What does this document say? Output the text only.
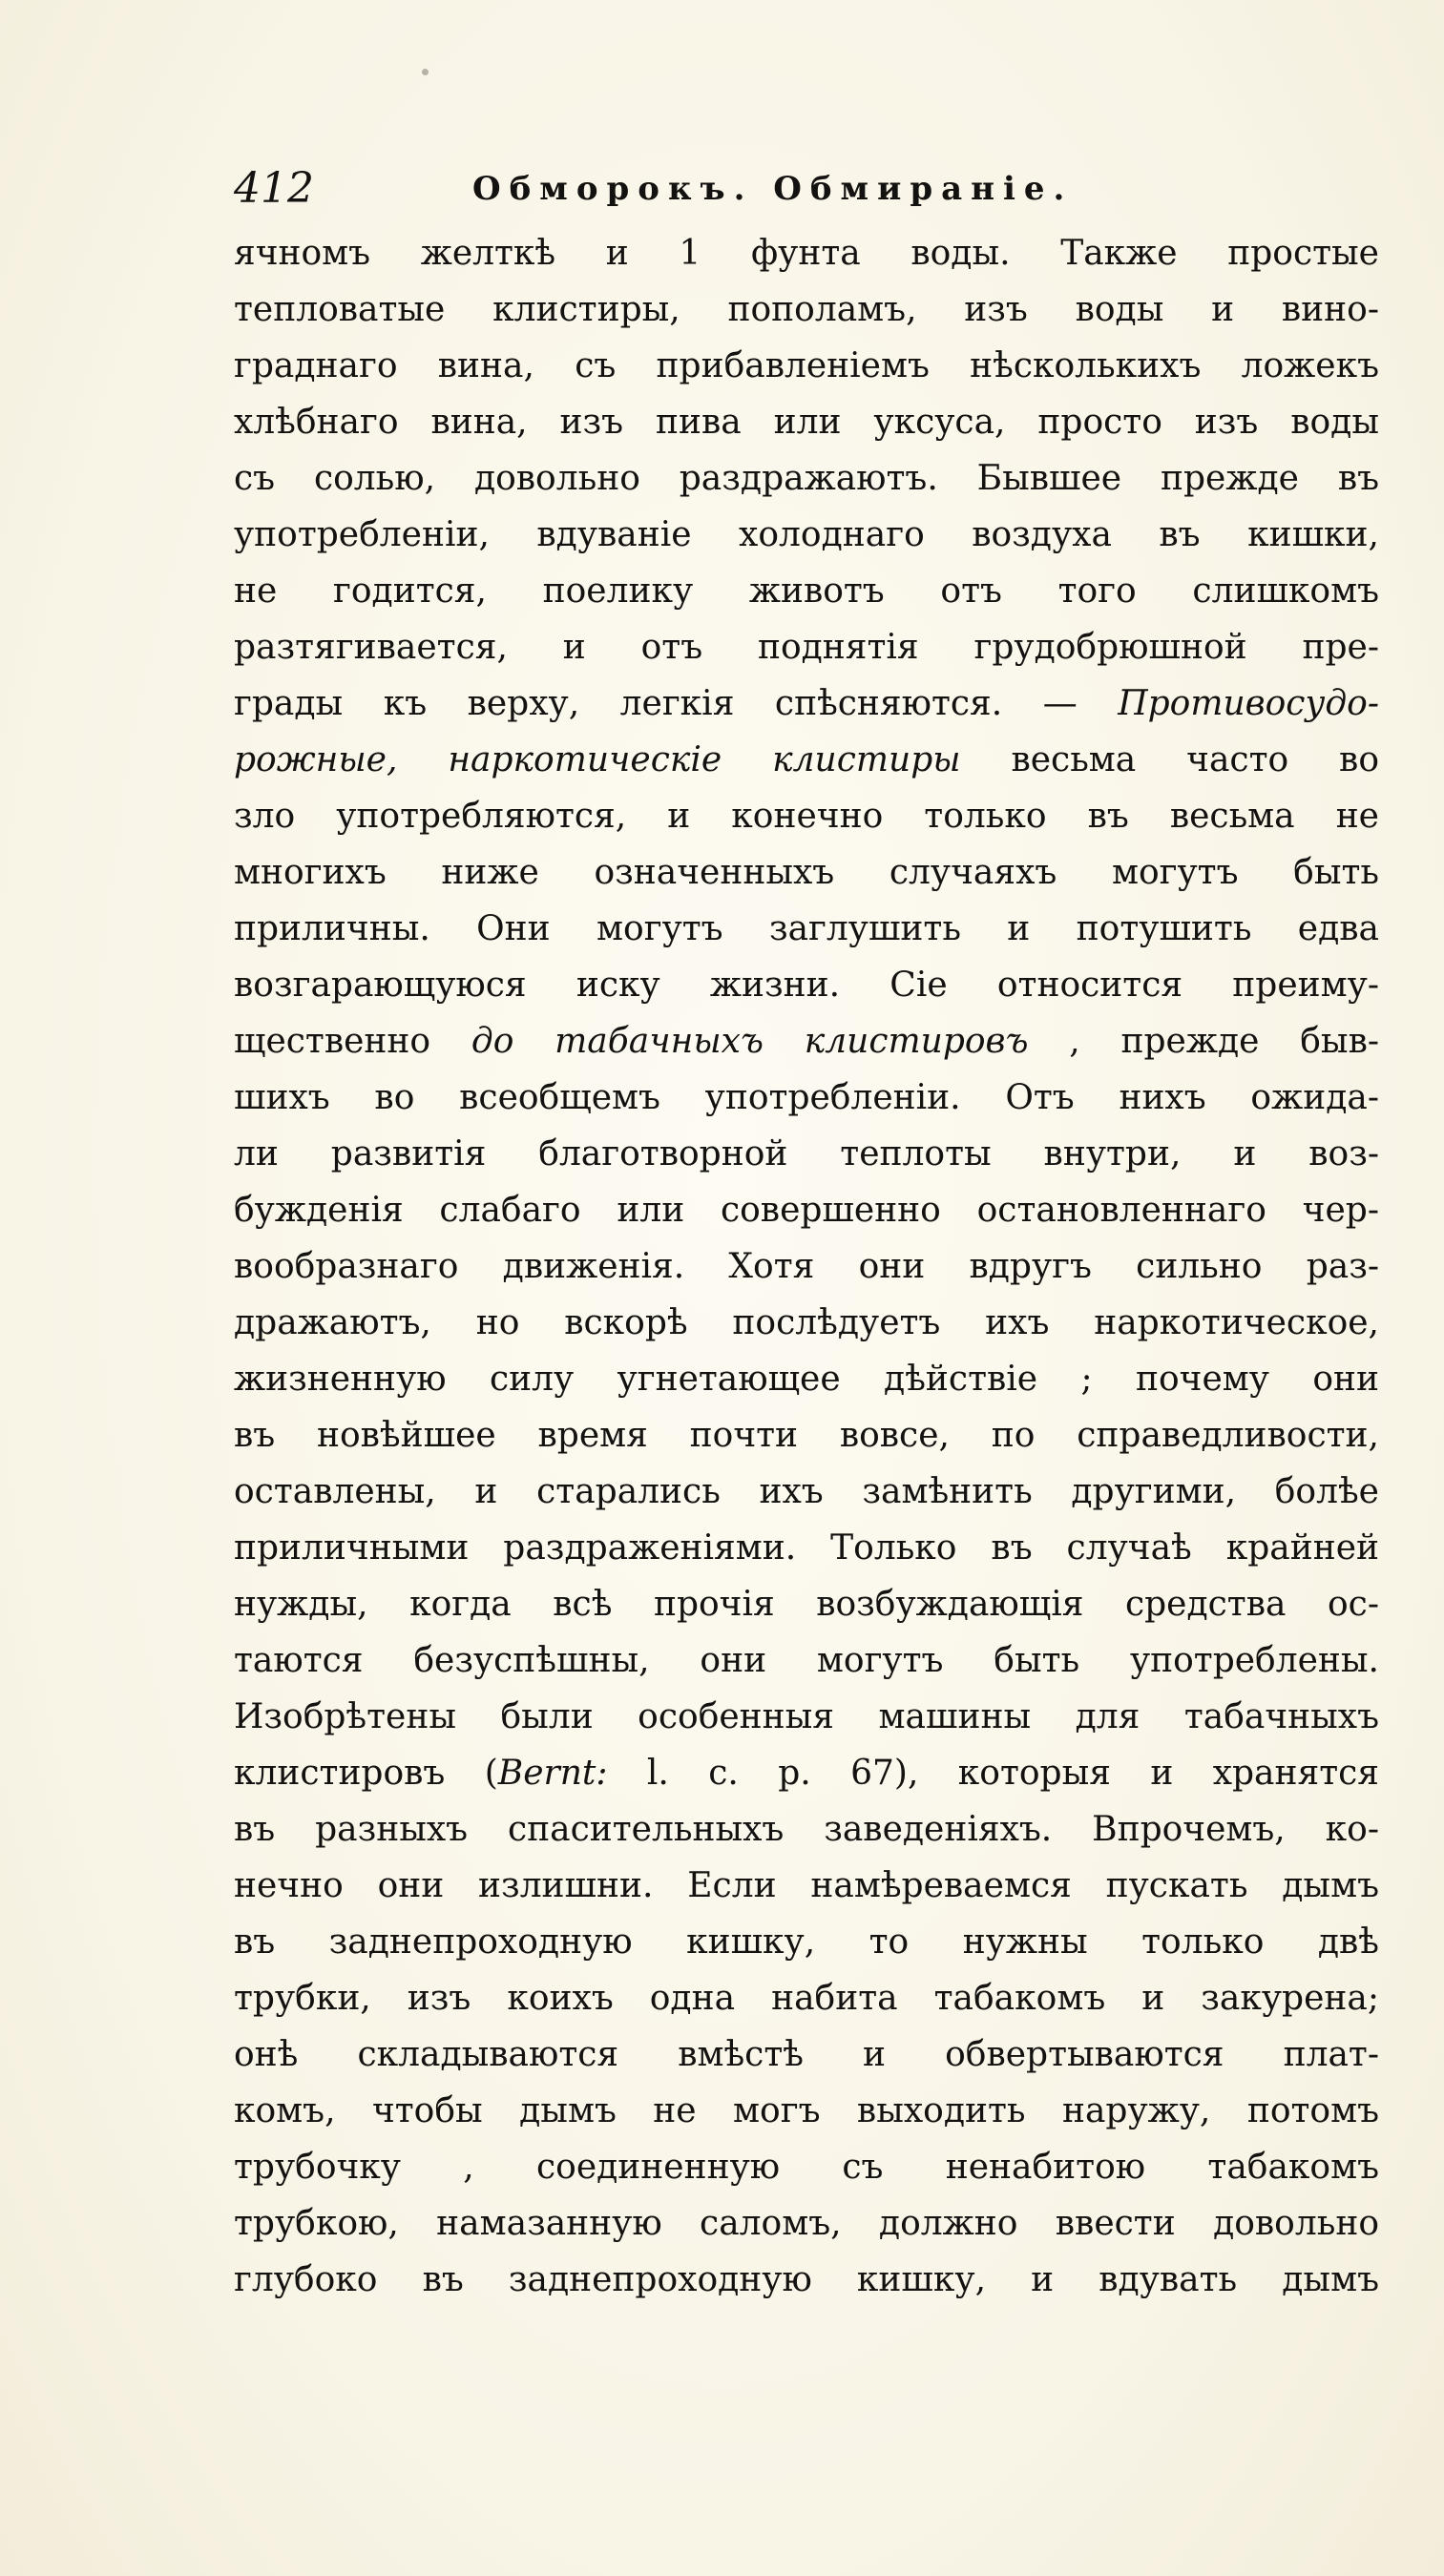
412	Обморокъ. Обмиранie.
ячномъ желткѣ и 1 фунта воды. Также простые
тепловатые клистиры, пополамъ, изъ воды и вино-
граднаго вина, съ прибавленiемъ нѣсколькихъ ложекъ
хлѣбнаго вина, изъ пива или уксуса, просто изъ воды
съ солью, довольно раздражаютъ. Бывшее прежде въ
употребленiи, вдуванiе холоднаго воздуха въ кишки,
не годится, поелику животъ отъ того слишкомъ
разтягивается, и отъ поднятiя грудобрюшной пре-
грады къ верху, легкiя спѣсняются. — Противосудо-
рожные, наркотическiе клистиры весьма часто во
зло употребляются, и конечно только въ весьма не
многихъ ниже означенныхъ случаяхъ могутъ быть
приличны. Они могутъ заглушить и потушить едва
возгарающуюся иску жизни. Сiе относится преиму-
щественно до табачныхъ клистировъ , прежде быв-
шихъ во всеобщемъ употребленiи. Отъ нихъ ожида-
ли развитiя благотворной теплоты внутри, и воз-
бужденiя слабаго или совершенно остановленнаго чер-
вообразнаго движенiя. Хотя они вдругъ сильно раз-
дражаютъ, но вскорѣ послѣдуетъ ихъ наркотическое,
жизненную силу угнетающее дѣйствiе ; почему они
въ новѣйшее время почти вовсе, по справедливости,
оставлены, и старались ихъ замѣнить другими, болѣе
приличными раздраженiями. Только въ случаѣ крайней
нужды, когда всѣ прочiя возбуждающiя средства ос-
таются безуспѣшны, они могутъ быть употреблены.
Изобрѣтены были особенныя машины для табачныхъ
клистировъ (Bernt: l. c. p. 67), которыя и хранятся
въ разныхъ спасительныхъ заведенiяхъ. Впрочемъ, ко-
нечно они излишни. Если намѣреваемся пускать дымъ
въ заднепроходную кишку, то нужны только двѣ
трубки, изъ коихъ одна набита табакомъ и закурена;
онѣ складываются вмѣстѣ и обвертываются плат-
комъ, чтобы дымъ не могъ выходить наружу, потомъ
трубочку , соединенную съ ненабитою табакомъ
трубкою, намазанную саломъ, должно ввести довольно
глубоко въ заднепроходную кишку, и вдувать дымъ
